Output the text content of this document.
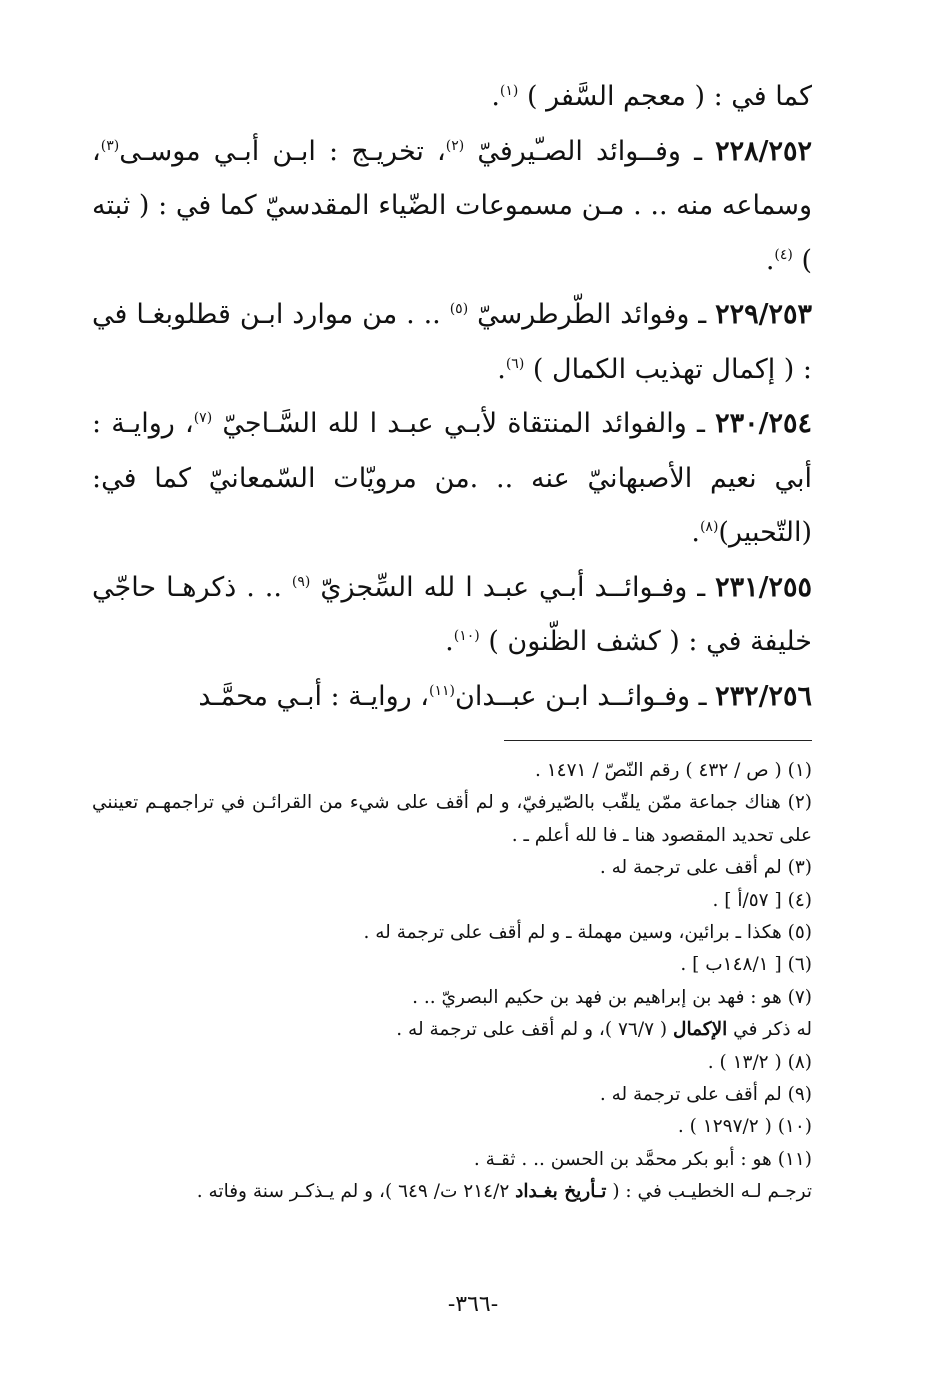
كما في : ( معجم السَّفر ) $^{(١)}$.

٢٢٨/٢٥٢ ـ وفــوائد الصـّيرفيّ $^{(٢)}$، تخريـج : ابـن أبـي موسـى$^{(٣)}$، وسماعه منه .. . مـن مسموعات الضّياء المقدسيّ كما في : ( ثبته ) $^{(٤)}$.

٢٢٩/٢٥٣ ـ وفوائد الطّرطرسيّ $^{(٥)}$ .. . من موارد ابـن قطلوبغـا في : ( إكمال تهذيب الكمال ) $^{(٦)}$.

٢٣٠/٢٥٤ ـ والفوائد المنتقاة لأبـي عبـد ا لله السَّـاجيّ $^{(٧)}$، روايـة : أبي نعيم الأصبهانيّ عنه .. .من مرويّات السّمعانيّ كما في:(التّحبير)$^{(٨)}$.

٢٣١/٢٥٥ ـ وفـوائــد أبـي عبـد ا لله السِّجزيّ $^{(٩)}$ .. . ذكرهـا حاجّي خليفة في : ( كشف الظّنون ) $^{(١٠)}$.

٢٣٢/٢٥٦ ـ وفـوائــد ابـن عبــدان$^{(١١)}$، روايـة : أبـي محمَّـد

(١) ( ص / ٤٣٢ ) رقم النّصّ / ١٤٧١ .

(٢) هناك جماعة ممّن يلقّب بالصّيرفيّ، و لم أقف على شيء من القرائـن في تراجمهـم تعينني على تحديد المقصود هنا ـ فا لله أعلم ـ .

(٣) لم أقف على ترجمة له .

(٤) [ ٥٧/أ ] .

(٥) هكذا ـ برائين، وسين مهملة ـ و لم أقف على ترجمة له .

(٦) [ ١٤٨/١ب ] .

(٧) هو : فهد بن إبراهيم بن فهد بن حكيم البصريّ .. .
له ذكر في الإكمال ( ٧٦/٧ )، و لم أقف على ترجمة له .

(٨) ( ١٣/٢ ) .

(٩) لم أقف على ترجمة له .

(١٠) ( ١٢٩٧/٢ ) .

(١١) هو : أبو بكر محمَّد بن الحسن .. . ثقـة .
ترجـم لـه الخطيـب في : ( تـأريخ بغـداد ٢١٤/٢ ت/ ٦٤٩ )، و لم يـذكـر سنة وفاته .

-٣٦٦-
